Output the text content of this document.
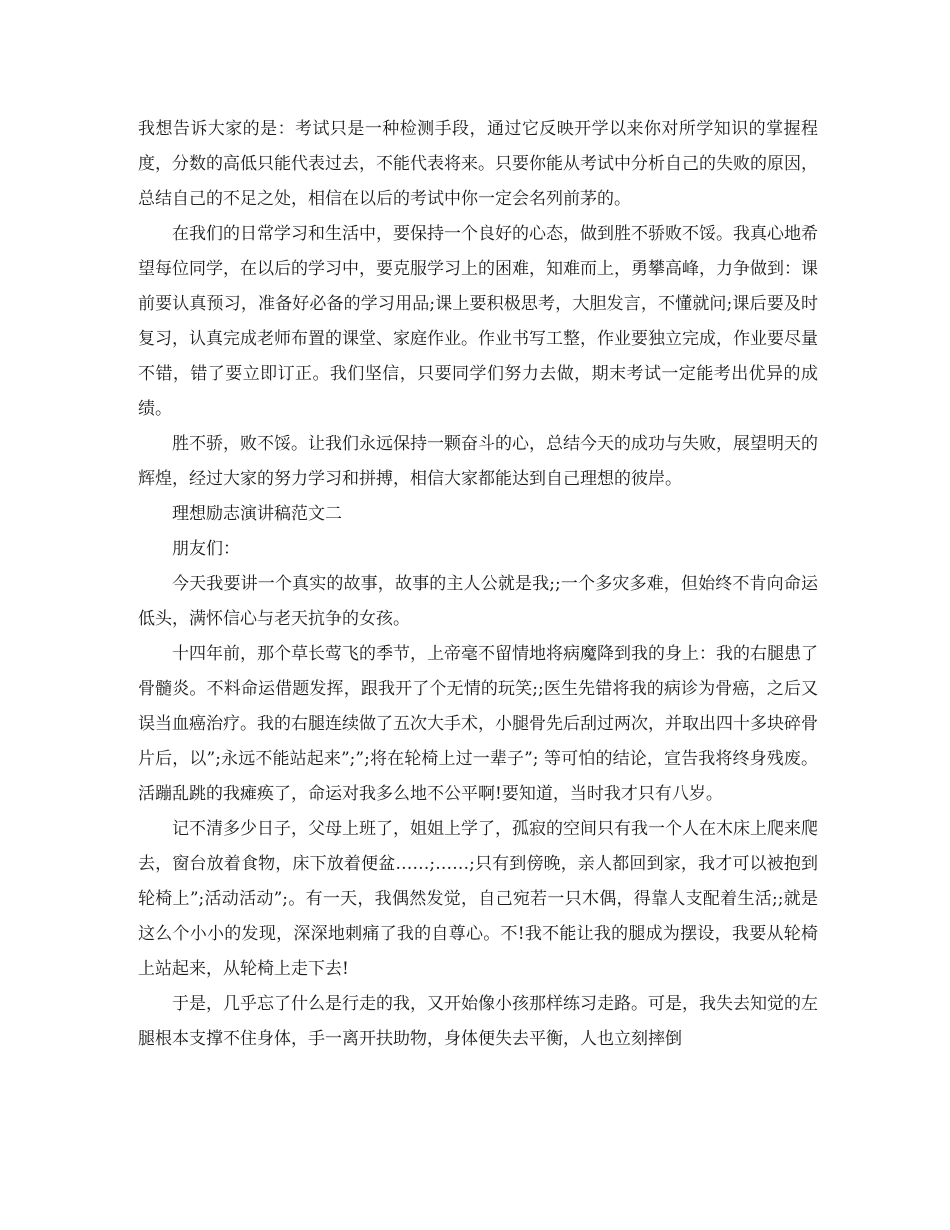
我想告诉大家的是：考试只是一种检测手段，通过它反映开学以来你对所学知识的掌握程度，分数的高低只能代表过去，不能代表将来。只要你能从考试中分析自己的失败的原因，总结自己的不足之处，相信在以后的考试中你一定会名列前茅的。

在我们的日常学习和生活中，要保持一个良好的心态，做到胜不骄败不馁。我真心地希望每位同学，在以后的学习中，要克服学习上的困难，知难而上，勇攀高峰，力争做到：课前要认真预习，准备好必备的学习用品;课上要积极思考，大胆发言，不懂就问;课后要及时复习，认真完成老师布置的课堂、家庭作业。作业书写工整，作业要独立完成，作业要尽量不错，错了要立即订正。我们坚信，只要同学们努力去做，期末考试一定能考出优异的成绩。

胜不骄，败不馁。让我们永远保持一颗奋斗的心，总结今天的成功与失败，展望明天的辉煌，经过大家的努力学习和拼搏，相信大家都能达到自己理想的彼岸。

理想励志演讲稿范文二

朋友们：

今天我要讲一个真实的故事，故事的主人公就是我;;一个多灾多难，但始终不肯向命运低头，满怀信心与老天抗争的女孩。

十四年前，那个草长莺飞的季节，上帝毫不留情地将病魔降到我的身上：我的右腿患了骨髓炎。不料命运借题发挥，跟我开了个无情的玩笑;;医生先错将我的病诊为骨癌，之后又误当血癌治疗。我的右腿连续做了五次大手术，小腿骨先后刮过两次，并取出四十多块碎骨片后，以”;永远不能站起来”;”;将在轮椅上过一辈子”; 等可怕的结论，宣告我将终身残废。活蹦乱跳的我瘫痪了，命运对我多么地不公平啊!要知道，当时我才只有八岁。

记不清多少日子，父母上班了，姐姐上学了，孤寂的空间只有我一个人在木床上爬来爬去，窗台放着食物，床下放着便盆……;……;只有到傍晚，亲人都回到家，我才可以被抱到轮椅上”;活动活动”;。有一天，我偶然发觉，自己宛若一只木偶，得靠人支配着生活;;就是这么个小小的发现，深深地刺痛了我的自尊心。不!我不能让我的腿成为摆设，我要从轮椅上站起来，从轮椅上走下去!

于是，几乎忘了什么是行走的我，又开始像小孩那样练习走路。可是，我失去知觉的左腿根本支撑不住身体，手一离开扶助物，身体便失去平衡，人也立刻摔倒
